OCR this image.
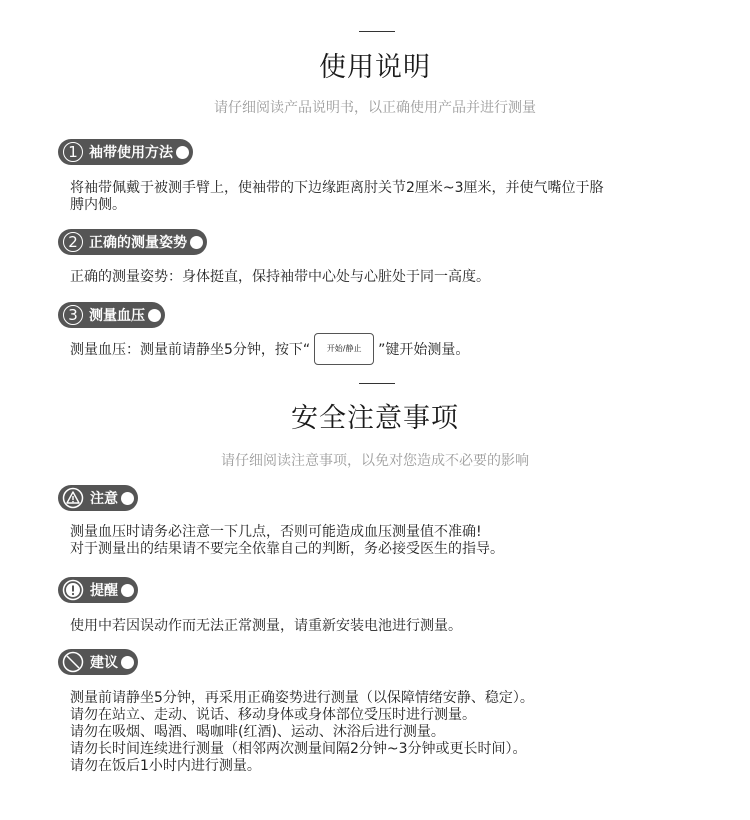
使用说明
请仔细阅读产品说明书，以正确使用产品并进行测量
1 袖带使用方法
将袖带佩戴于被测手臂上，使袖带的下边缘距离肘关节2厘米~3厘米，并使气嘴位于胳
膊内侧。
2 正确的测量姿势
正确的测量姿势：身体挺直，保持袖带中心处与心脏处于同一高度。
3 测量血压
测量血压：测量前请静坐5分钟，按下“ 开始/静止 ”键开始测量。
安全注意事项
请仔细阅读注意事项，以免对您造成不必要的影响
注意
测量血压时请务必注意一下几点，否则可能造成血压测量值不准确!
对于测量出的结果请不要完全依靠自己的判断，务必接受医生的指导。
提醒
使用中若因误动作而无法正常测量，请重新安装电池进行测量。
建议
测量前请静坐5分钟，再采用正确姿势进行测量（以保障情绪安静、稳定）。
请勿在站立、走动、说话、移动身体或身体部位受压时进行测量。
请勿在吸烟、喝酒、喝咖啡(红酒)、运动、沐浴后进行测量。
请勿长时间连续进行测量（相邻两次测量间隔2分钟~3分钟或更长时间）。
请勿在饭后1小时内进行测量。
